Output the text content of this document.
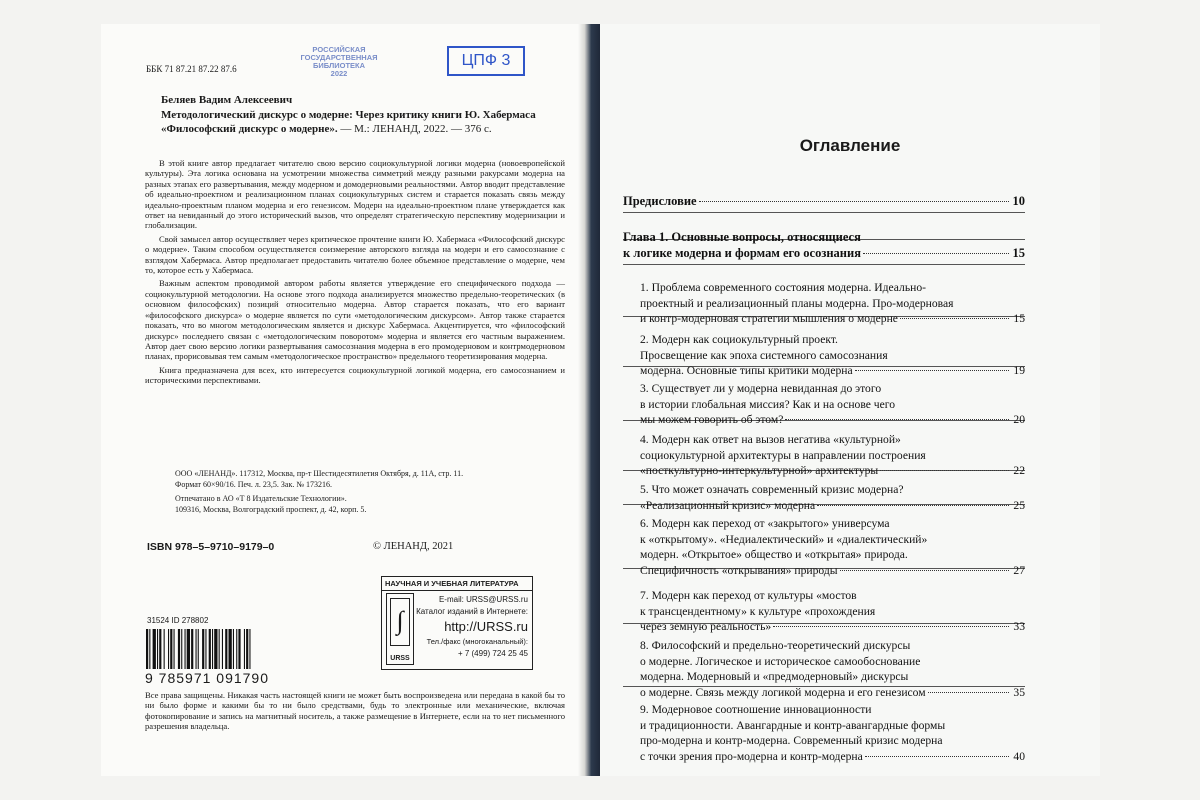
РОССИЙСКАЯ
ГОСУДАРСТВЕННАЯ
БИБЛИОТЕКА
2022
ЦПФ 3
ББК 71 87.21 87.22 87.6
Беляев Вадим Алексеевич
Методологический дискурс о модерне: Через критику книги Ю. Хабермаса «Философский дискурс о модерне». — М.: ЛЕНАНД, 2022. — 376 с.

В этой книге автор предлагает читателю свою версию социокультурной логики модерна (новоевропейской культуры). Эта логика основана на усмотрении множества симметрий между разными ракурсами модерна на разных этапах его развертывания, между модерном и домодерновыми реальностями. Автор вводит представление об идеально-проектном и реализационном планах социокультурных систем и старается показать связь между идеально-проектным планом модерна и его генезисом. Модерн на идеально-проектном плане утверждается как ответ на невиданный до этого исторический вызов, что определят стратегическую перспективу модернизации и глобализации.

Свой замысел автор осуществляет через критическое прочтение книги Ю. Хабермаса «Философский дискурс о модерне». Таким способом осуществляется соизмерение авторского взгляда на модерн и его самосознание с взглядом Хабермаса. Автор предполагает предоставить читателю более объемное представление о модерне, чем то, которое есть у Хабермаса.

Важным аспектом проводимой автором работы является утверждение его специфического подхода — социокультурной методологии. На основе этого подхода анализируется множество предельно-теоретических (в основном философских) позиций относительно модерна. Автор старается показать, что его вариант «философского дискурса» о модерне является по сути «методологическим дискурсом». Автор также старается показать, что во многом методологическим является и дискурс Хабермаса. Акцентируется, что «философский дискурс» последнего связан с «методологическим поворотом» модерна и является его частным выражением. Автор дает свою версию логики развертывания самосознания модерна в его промодерновом и контрмодерновом планах, прорисовывая тем самым «методологическое пространство» предельного теоретизирования модерна.

Книга предназначена для всех, кто интересуется социокультурной логикой модерна, его самосознанием и историческими перспективами.

ООО «ЛЕНАНД». 117312, Москва, пр-т Шестидесятилетия Октября, д. 11А, стр. 11.

Формат 60×90/16. Печ. л. 23,5. Зак. № 173216.

Отпечатано в АО «Т 8 Издательские Технологии».
109316, Москва, Волгоградский проспект, д. 42, корп. 5.
ISBN 978–5–9710–9179–0	© ЛЕНАНД, 2021
НАУЧНАЯ И УЧЕБНАЯ ЛИТЕРАТУРА
∫
URSS
E-mail: URSS@URSS.ru
Каталог изданий в Интернете:
http://URSS.ru
Тел./факс (многоканальный):
+ 7 (499) 724 25 45
31524 ID 278802
9 785971 091790
Все права защищены. Никакая часть настоящей книги не может быть воспроизведена или передана в какой бы то ни было форме и какими бы то ни было средствами, будь то электронные или механические, включая фотокопирование и запись на магнитный носитель, а также размещение в Интернете, если на то нет письменного разрешения владельца.
Оглавление
Предисловие	10
Глава 1. Основные вопросы, относящиеся
к логике модерна и формам его осознания	15
1. Проблема современного состояния модерна. Идеально-
проектный и реализационный планы модерна. Про-модерновая
и контр-модерновая стратегии мышления о модерне	15
2. Модерн как социокультурный проект.
Просвещение как эпоха системного самосознания
модерна. Основные типы критики модерна	19
3. Существует ли у модерна невиданная до этого
в истории глобальная миссия? Как и на основе чего
мы можем говорить об этом?	20
4. Модерн как ответ на вызов негатива «культурной»
социокультурной архитектуры в направлении построения
«посткультурно-интеркультурной» архитектуры	22
5. Что может означать современный кризис модерна?
«Реализационный кризис» модерна	25
6. Модерн как переход от «закрытого» универсума
к «открытому». «Недиалектический» и «диалектический»
модерн. «Открытое» общество и «открытая» природа.
Специфичность «открывания» природы	27
7. Модерн как переход от культуры «мостов
к трансцендентному» к культуре «прохождения
через земную реальность»	33
8. Философский и предельно-теоретический дискурсы
о модерне. Логическое и историческое самообоснование
модерна. Модерновый и «предмодерновый» дискурсы
о модерне. Связь между логикой модерна и его генезисом	35
9. Модерновое соотношение инновационности
и традиционности. Авангардные и контр-авангардные формы
про-модерна и контр-модерна. Современный кризис модерна
с точки зрения про-модерна и контр-модерна	40
